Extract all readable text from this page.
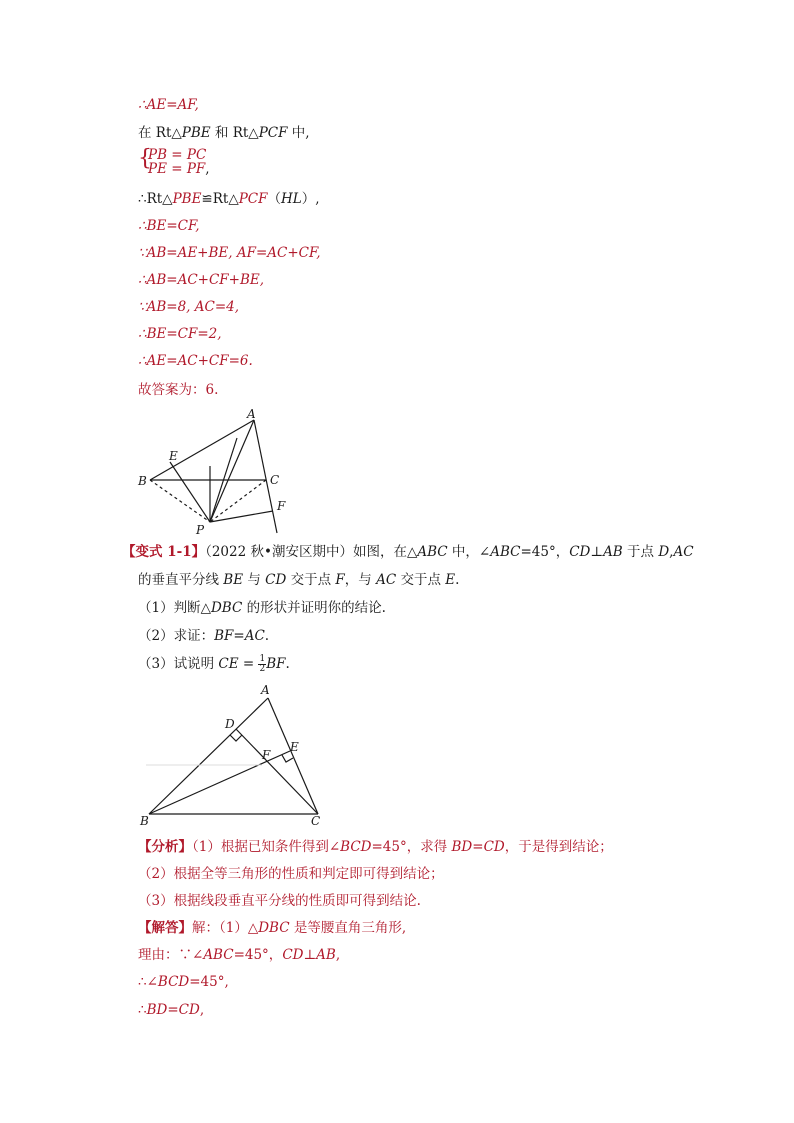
∴AE=AF,
在 Rt△PBE 和 Rt△PCF 中,
{
PB = PC
PE = PF,
∴Rt△PBE≌Rt△PCF（HL）,
∴BE=CF,
∵AB=AE+BE, AF=AC+CF,
∴AB=AC+CF+BE,
∵AB=8, AC=4,
∴BE=CF=2,
∴AE=AC+CF=6.
故答案为：6.
A
B	C
E
F
P
【变式 1-1】（2022 秋•潮安区期中）如图，在△ABC 中，∠ABC=45°，CD⊥AB 于点 D,AC
的垂直平分线 BE 与 CD 交于点 F，与 AC 交于点 E.
（1）判断△DBC 的形状并证明你的结论.
（2）求证：BF=AC.
（3）试说明 CE = $\frac{1}{2}$ BF.
A
B	C
D
E
F
【分析】（1）根据已知条件得到∠BCD=45°，求得 BD=CD，于是得到结论；
（2）根据全等三角形的性质和判定即可得到结论；
（3）根据线段垂直平分线的性质即可得到结论.
【解答】解：（1）△DBC 是等腰直角三角形,
理由：∵∠ABC=45°，CD⊥AB,
∴∠BCD=45°,
∴BD=CD,
